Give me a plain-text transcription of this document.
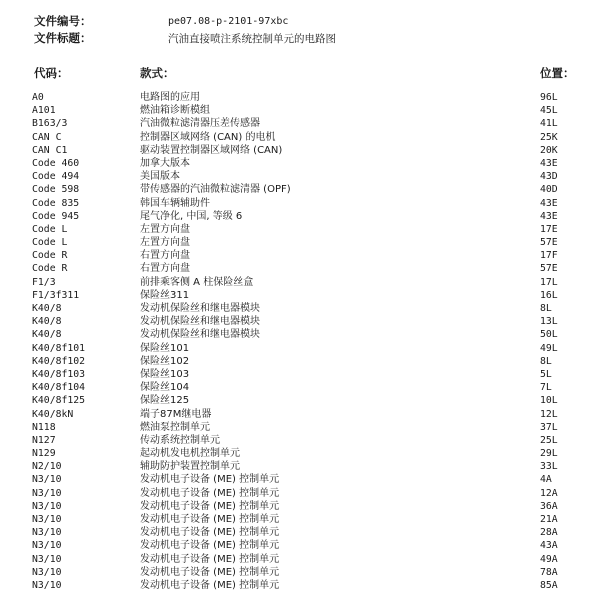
文件编号：	pe07.08-p-2101-97xbc
文件标题：	汽油直接喷注系统控制单元的电路图
代码：	款式：	位置：
A0	电路图的应用	96L
A101	燃油箱诊断模组	45L
B163/3	汽油微粒滤清器压差传感器	41L
CAN C	控制器区域网络 (CAN) 的电机	25K
CAN C1	驱动装置控制器区域网络 (CAN)	20K
Code 460	加拿大版本	43E
Code 494	美国版本	43D
Code 598	带传感器的汽油微粒滤清器 (OPF)	40D
Code 835	韩国车辆辅助件	43E
Code 945	尾气净化, 中国, 等级 6	43E
Code L	左置方向盘	17E
Code L	左置方向盘	57E
Code R	右置方向盘	17F
Code R	右置方向盘	57E
F1/3	前排乘客侧 A 柱保险丝盒	17L
F1/3f311	保险丝311	16L
K40/8	发动机保险丝和继电器模块	8L
K40/8	发动机保险丝和继电器模块	13L
K40/8	发动机保险丝和继电器模块	50L
K40/8f101	保险丝101	49L
K40/8f102	保险丝102	8L
K40/8f103	保险丝103	5L
K40/8f104	保险丝104	7L
K40/8f125	保险丝125	10L
K40/8kN	端子87M继电器	12L
N118	燃油泵控制单元	37L
N127	传动系统控制单元	25L
N129	起动机发电机控制单元	29L
N2/10	辅助防护装置控制单元	33L
N3/10	发动机电子设备 (ME) 控制单元	4A
N3/10	发动机电子设备 (ME) 控制单元	12A
N3/10	发动机电子设备 (ME) 控制单元	36A
N3/10	发动机电子设备 (ME) 控制单元	21A
N3/10	发动机电子设备 (ME) 控制单元	28A
N3/10	发动机电子设备 (ME) 控制单元	43A
N3/10	发动机电子设备 (ME) 控制单元	49A
N3/10	发动机电子设备 (ME) 控制单元	78A
N3/10	发动机电子设备 (ME) 控制单元	85A
